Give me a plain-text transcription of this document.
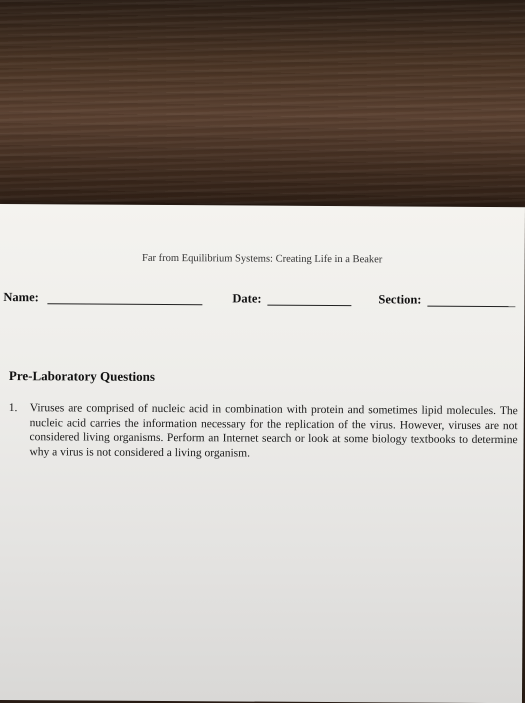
Far from Equilibrium Systems: Creating Life in a Beaker
Name:	Date:	Section:
Pre-Laboratory Questions
1. Viruses are comprised of nucleic acid in combination with protein and sometimes lipid molecules. The nucleic acid carries the information necessary for the replication of the virus. However, viruses are not considered living organisms. Perform an Internet search or look at some biology textbooks to determine why a virus is not considered a living organism.
